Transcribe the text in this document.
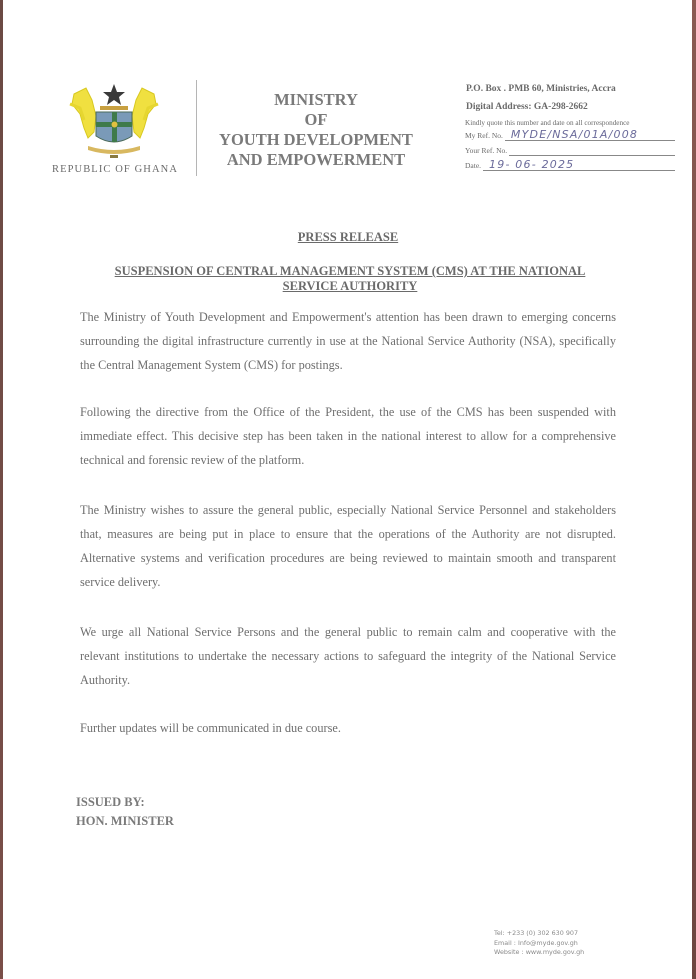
REPUBLIC OF GHANA
MINISTRY
OF
YOUTH DEVELOPMENT
AND EMPOWERMENT
P.O. Box . PMB 60, Ministries, Accra
Digital Address: GA-298-2662
Kindly quote this number and date on all correspondence
My Ref. No. MYDE/NSA/01A/008
Your Ref. No.
Date. 19- 06- 2025
PRESS RELEASE
SUSPENSION OF CENTRAL MANAGEMENT SYSTEM (CMS) AT THE NATIONAL SERVICE AUTHORITY

The Ministry of Youth Development and Empowerment's attention has been drawn to emerging concerns surrounding the digital infrastructure currently in use at the National Service Authority (NSA), specifically the Central Management System (CMS) for postings.

Following the directive from the Office of the President, the use of the CMS has been suspended with immediate effect. This decisive step has been taken in the national interest to allow for a comprehensive technical and forensic review of the platform.

The Ministry wishes to assure the general public, especially National Service Personnel and stakeholders that, measures are being put in place to ensure that the operations of the Authority are not disrupted. Alternative systems and verification procedures are being reviewed to maintain smooth and transparent service delivery.

We urge all National Service Persons and the general public to remain calm and cooperative with the relevant institutions to undertake the necessary actions to safeguard the integrity of the National Service Authority.

Further updates will be communicated in due course.

ISSUED BY:
HON. MINISTER
Tel: +233 (0) 302 630 907
Email : Info@myde.gov.gh
Website : www.myde.gov.gh
